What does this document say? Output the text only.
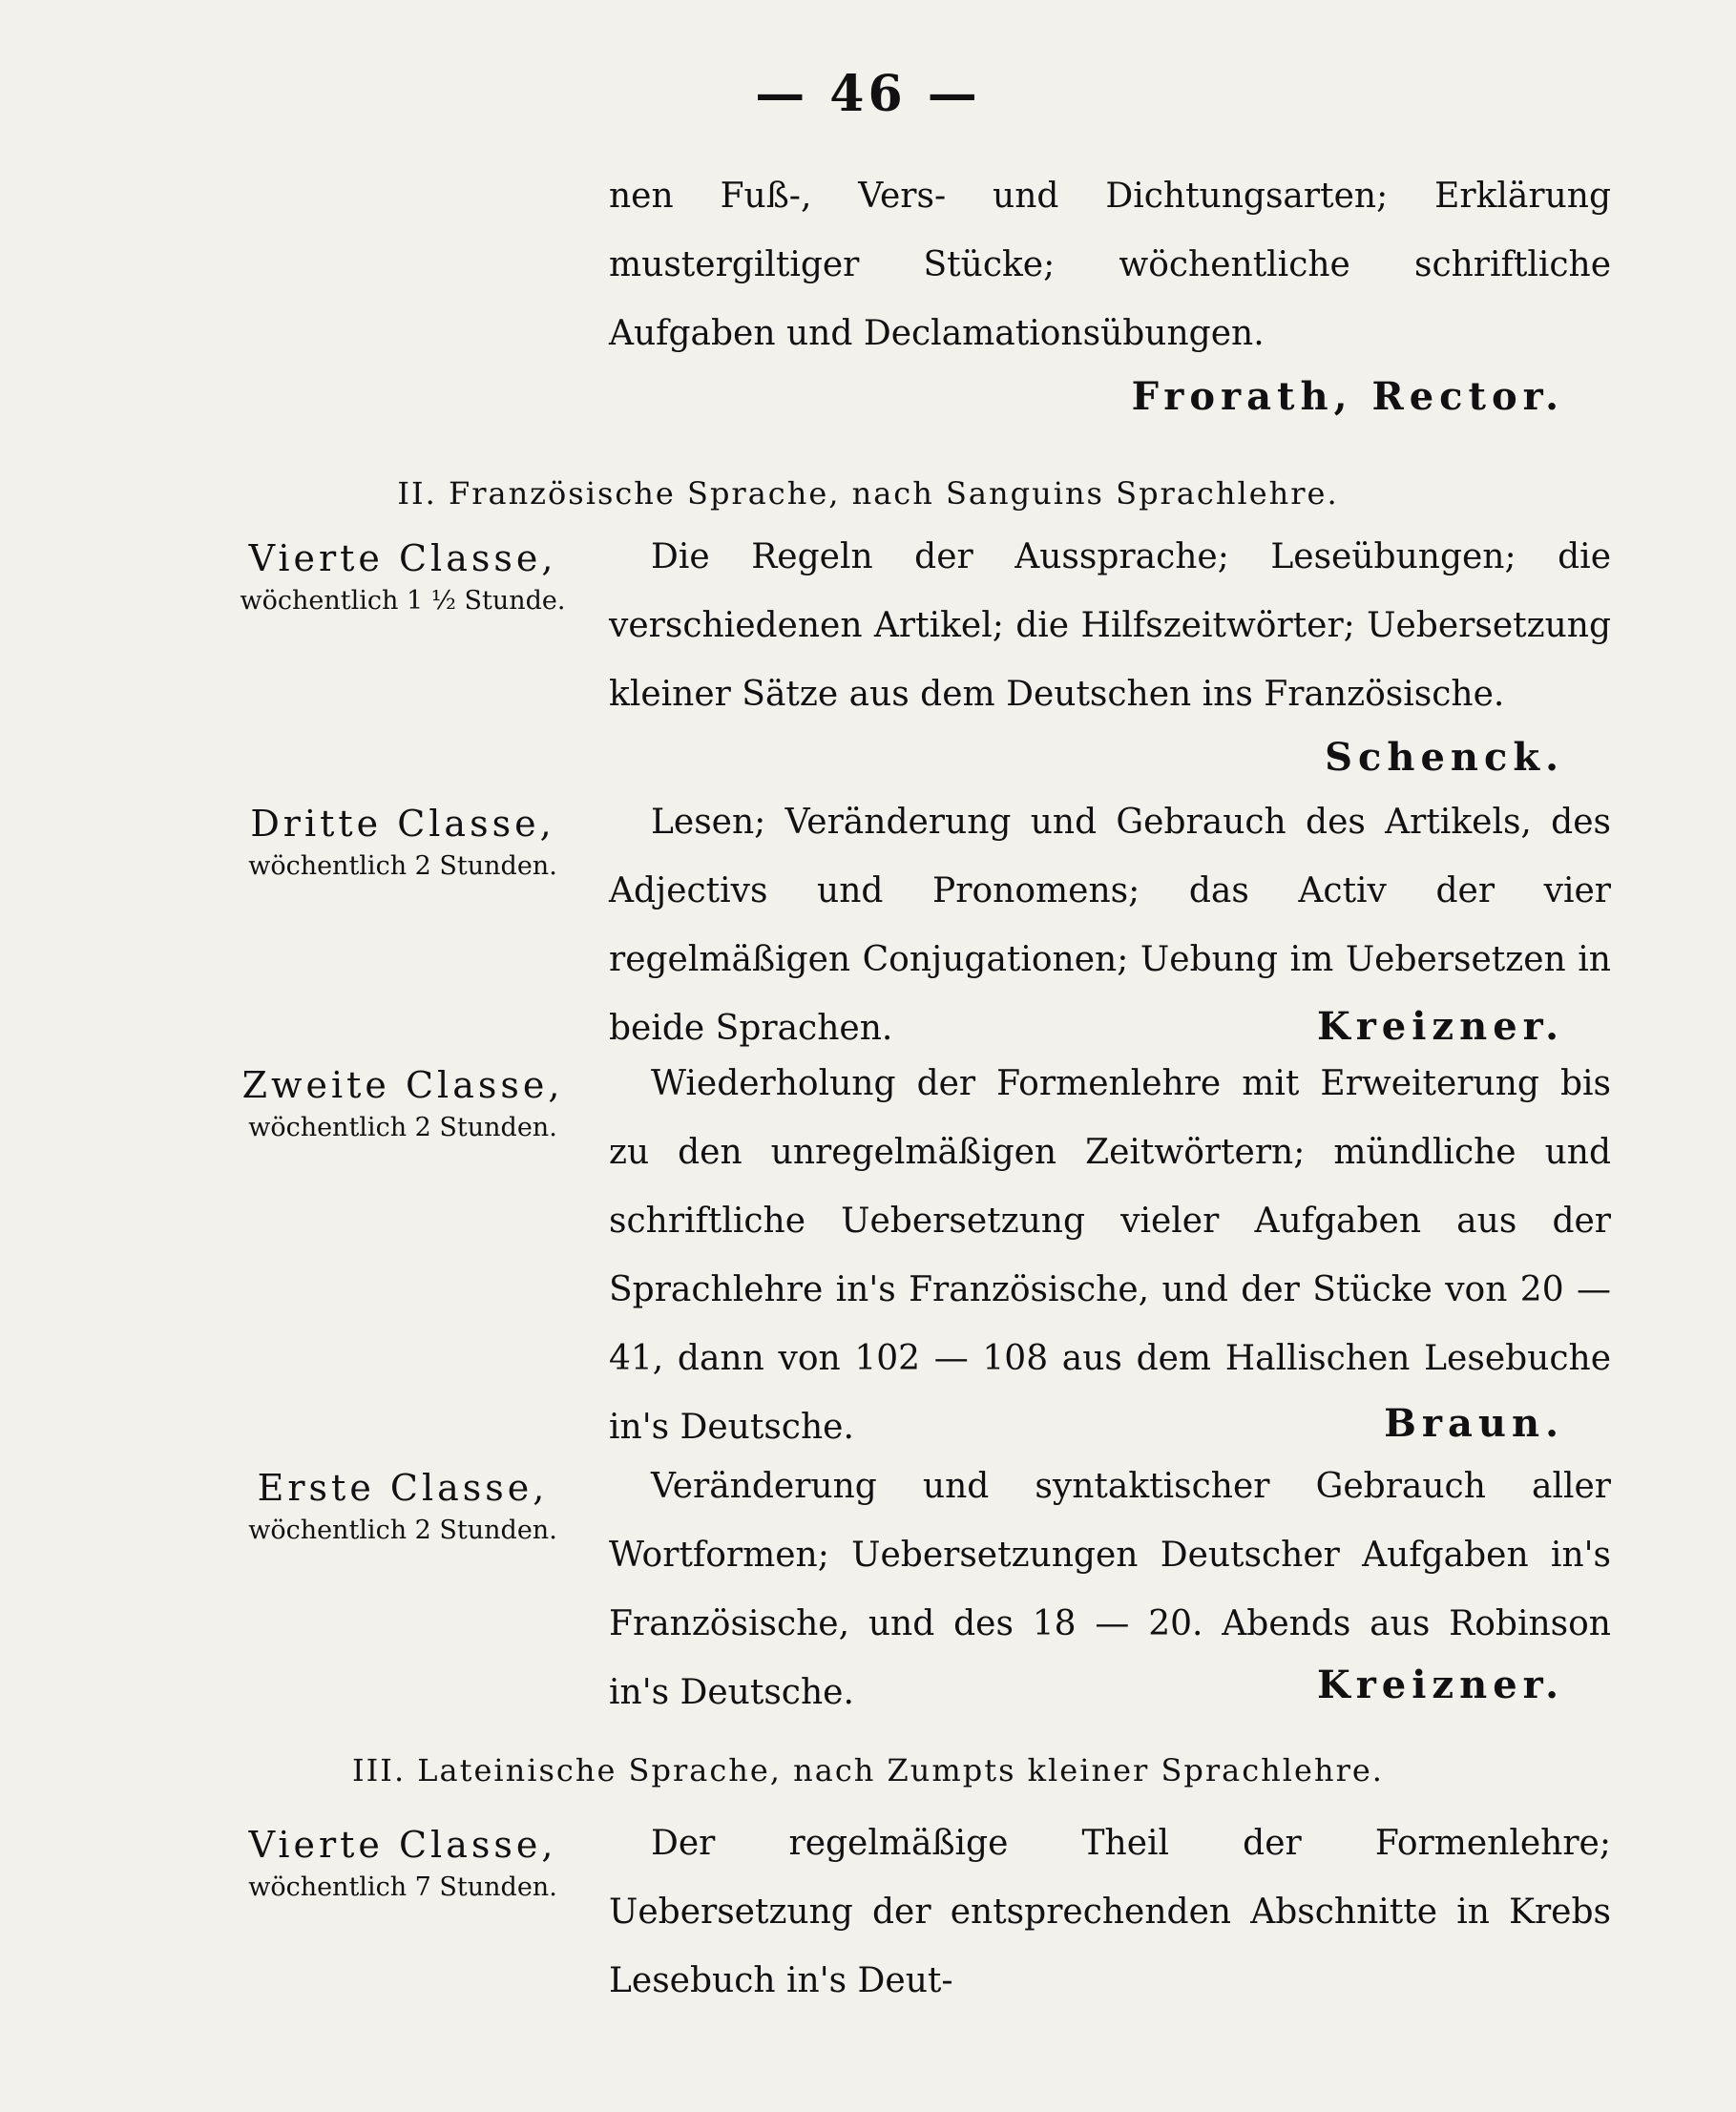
— 46 —
nen Fuß-, Vers- und Dichtungsarten; Erklärung mustergiltiger Stücke; wöchentliche schriftliche Aufgaben und Declamationsübungen.
Frorath, Rector.
II. Französische Sprache, nach Sanguins Sprachlehre.
Vierte Classe,
wöchentlich 1 ½ Stunde.
Die Regeln der Aussprache; Leseübungen; die verschiedenen Artikel; die Hilfszeitwörter; Uebersetzung kleiner Sätze aus dem Deutschen ins Französische.
Schenck.
Dritte Classe,
wöchentlich 2 Stunden.
Lesen; Veränderung und Gebrauch des Artikels, des Adjectivs und Pronomens; das Activ der vier regelmäßigen Conjugationen; Uebung im Uebersetzen in beide Sprachen.	Kreizner.
Zweite Classe,
wöchentlich 2 Stunden.
Wiederholung der Formenlehre mit Erweiterung bis zu den unregelmäßigen Zeitwörtern; mündliche und schriftliche Uebersetzung vieler Aufgaben aus der Sprachlehre in's Französische, und der Stücke von 20 — 41, dann von 102 — 108 aus dem Hallischen Lesebuche in's Deutsche.	Braun.
Erste Classe,
wöchentlich 2 Stunden.
Veränderung und syntaktischer Gebrauch aller Wortformen; Uebersetzungen Deutscher Aufgaben in's Französische, und des 18 — 20. Abends aus Robinson in's Deutsche.	Kreizner.
III. Lateinische Sprache, nach Zumpts kleiner Sprachlehre.
Vierte Classe,
wöchentlich 7 Stunden.
Der regelmäßige Theil der Formenlehre; Uebersetzung der entsprechenden Abschnitte in Krebs Lesebuch in's Deut-
